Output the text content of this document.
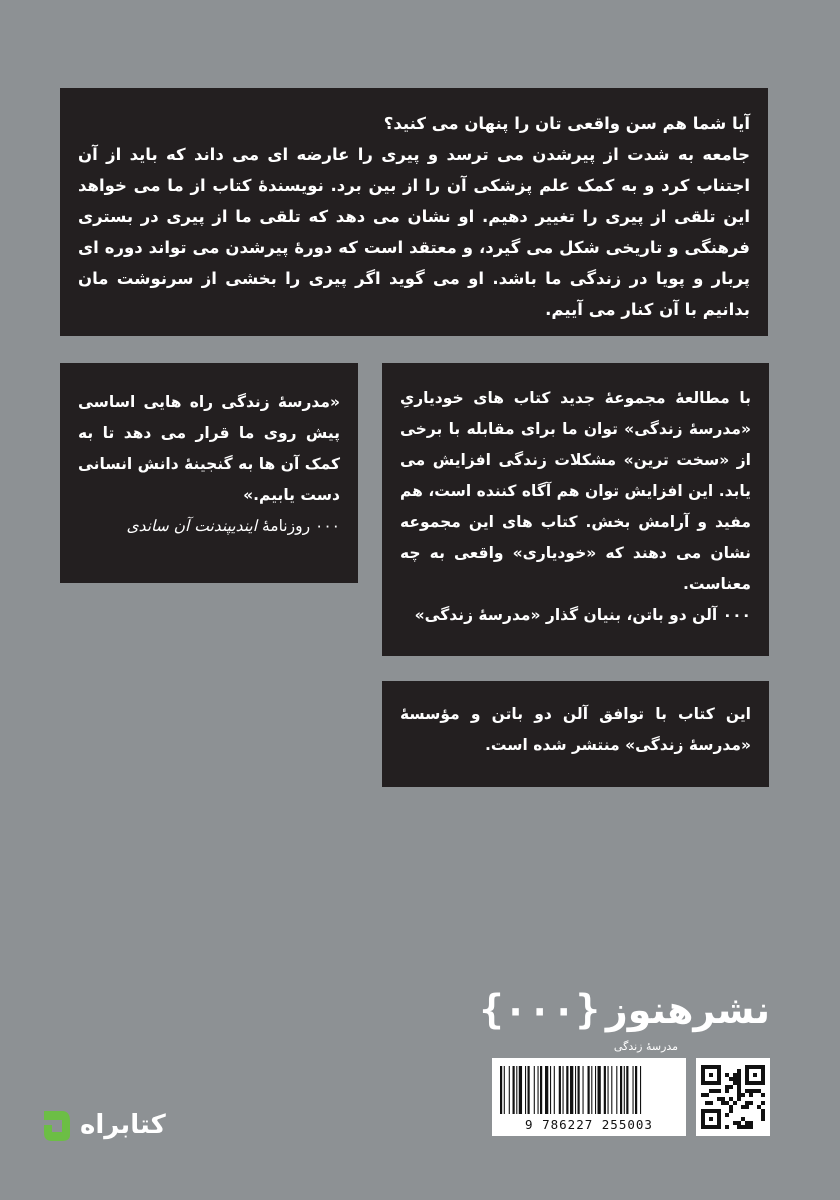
آیا شما هم سن واقعی تان را پنهان می کنید؟

جامعه به شدت از پیرشدن می ترسد و پیری را عارضه ای می داند که باید از آن اجتناب کرد و به کمک علم پزشکی آن را از بین برد. نویسندهٔ کتاب از ما می خواهد این تلقی از پیری را تغییر دهیم. او نشان می دهد که تلقی ما از پیری در بستری فرهنگی و تاریخی شکل می گیرد، و معتقد است که دورهٔ پیرشدن می تواند دوره ای پربار و پویا در زندگی ما باشد. او می گوید اگر پیری را بخشی از سرنوشت مان بدانیم با آن کنار می آییم.

با مطالعهٔ مجموعهٔ جدید کتاب های خودیاریِ «مدرسهٔ زندگی» توان ما برای مقابله با برخی از «سخت ترین» مشکلات زندگی افزایش می یابد. این افزایش توان هم آگاه کننده است، هم مفید و آرامش بخش. کتاب های این مجموعه نشان می دهند که «خودیاری» واقعی به چه معناست.

۰۰۰ آلن دو باتن، بنیان گذار «مدرسهٔ زندگی»

«مدرسهٔ زندگی راه هایی اساسی پیش روی ما قرار می دهد تا به کمک آن ها به گنجینهٔ دانش انسانی دست یابیم.»

۰۰۰ روزنامهٔ ایندیپندنت آن ساندی

این کتاب با توافق آلن دو باتن و مؤسسهٔ «مدرسهٔ زندگی» منتشر شده است.

نشرهنوز
{۰۰۰}
مدرسهٔ زندگی
9 786227 255003
کتابراه
